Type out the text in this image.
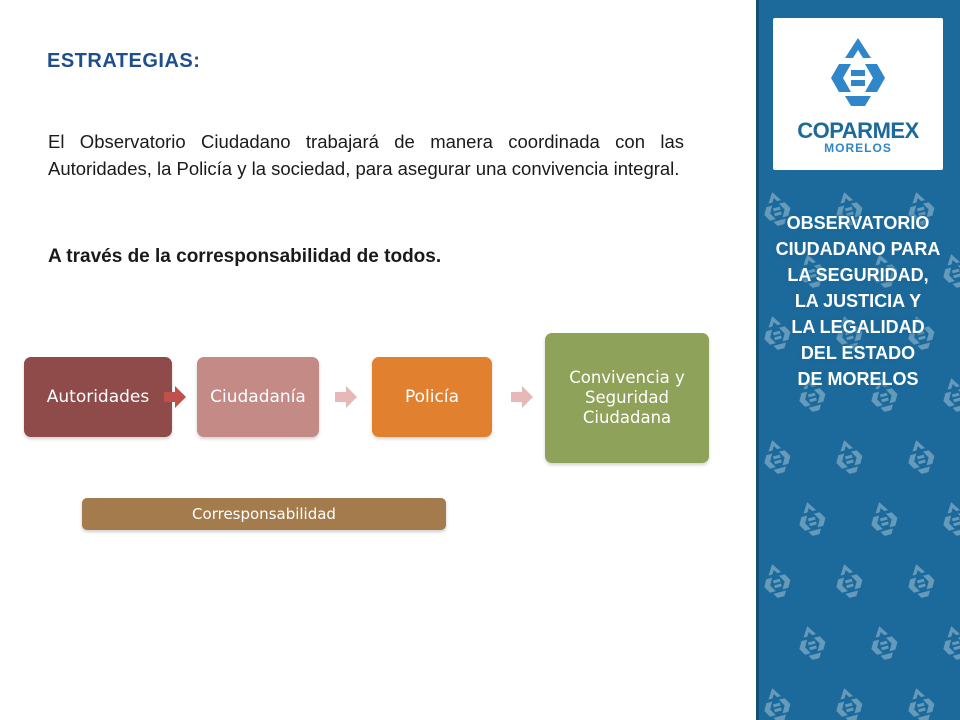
ESTRATEGIAS:

El Observatorio Ciudadano trabajará de manera coordinada con las Autoridades, la Policía y la sociedad, para asegurar una convivencia integral.

A través de la corresponsabilidad de todos.

Autoridades	Ciudadanía	Policía
Convivencia y Seguridad Ciudadana
Corresponsabilidad
COPARMEX
MORELOS
OBSERVATORIO
CIUDADANO PARA
LA SEGURIDAD,
LA JUSTICIA Y
LA LEGALIDAD
DEL ESTADO
DE MORELOS
